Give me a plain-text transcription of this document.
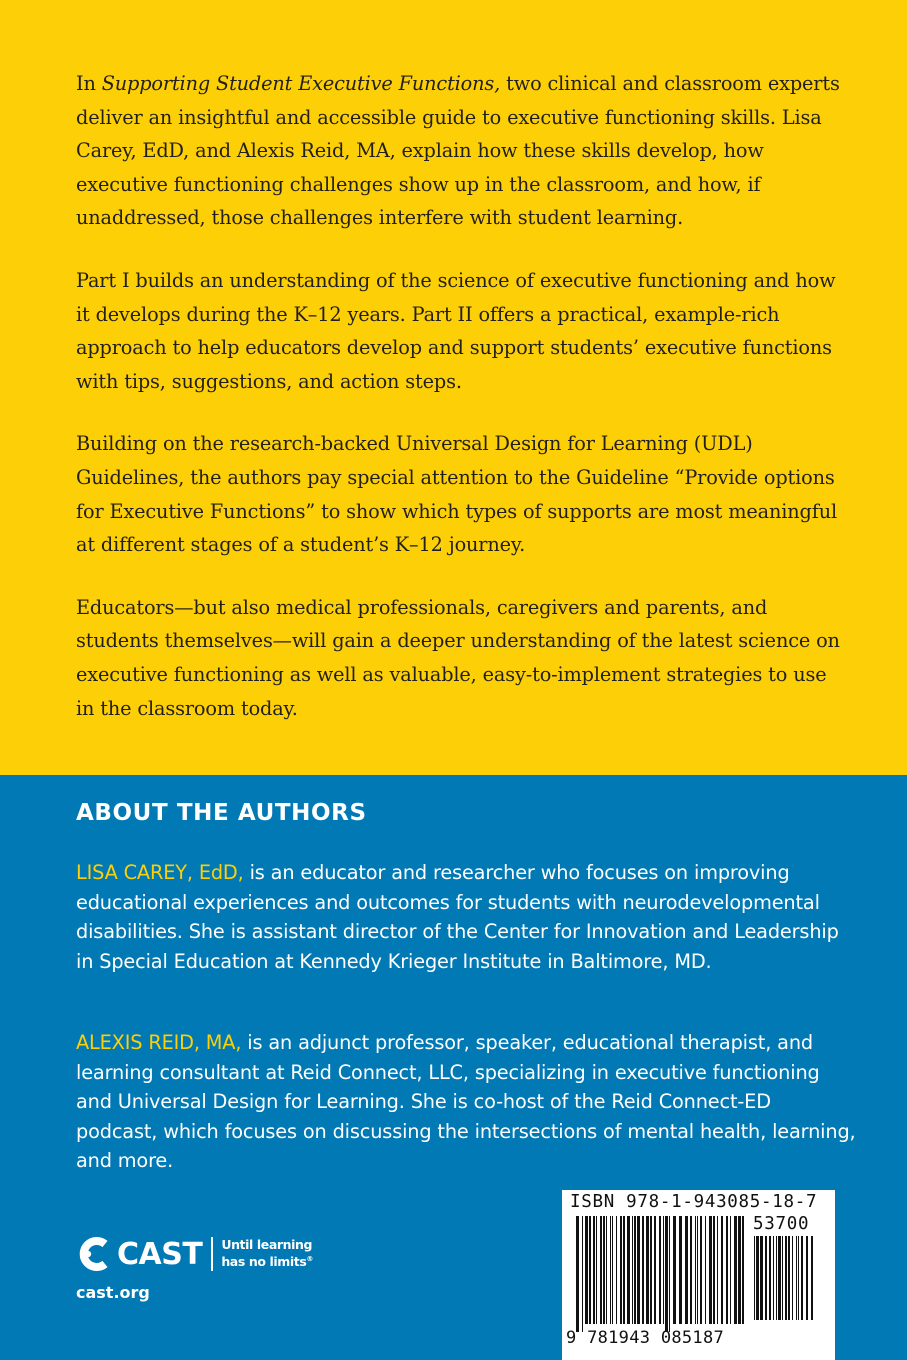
In Supporting Student Executive Functions, two clinical and classroom experts deliver an insightful and accessible guide to executive functioning skills. Lisa Carey, EdD, and Alexis Reid, MA, explain how these skills develop, how executive functioning challenges show up in the classroom, and how, if unaddressed, those challenges interfere with student learning.

Part I builds an understanding of the science of executive functioning and how it develops during the K–12 years. Part II offers a practical, example-rich approach to help educators develop and support students’ executive functions with tips, suggestions, and action steps.

Building on the research-backed Universal Design for Learning (UDL) Guidelines, the authors pay special attention to the Guideline “Provide options for Executive Functions” to show which types of supports are most meaningful at different stages of a student’s K–12 journey.

Educators—but also medical professionals, caregivers and parents, and students themselves—will gain a deeper understanding of the latest science on executive functioning as well as valuable, easy-to-implement strategies to use in the classroom today.

ABOUT THE AUTHORS

LISA CAREY, EdD, is an educator and researcher who focuses on improving educational experiences and outcomes for students with neurodevelopmental disabilities. She is assistant director of the Center for Innovation and Leadership in Special Education at Kennedy Krieger Institute in Baltimore, MD.

ALEXIS REID, MA, is an adjunct professor, speaker, educational therapist, and learning consultant at Reid Connect, LLC, specializing in executive functioning and Universal Design for Learning. She is co-host of the Reid Connect-ED podcast, which focuses on discussing the intersections of mental health, learning, and more.

CAST Until learning
has no limits®
cast.org
ISBN 978-1-943085-18-7
53700
9 781943 085187
